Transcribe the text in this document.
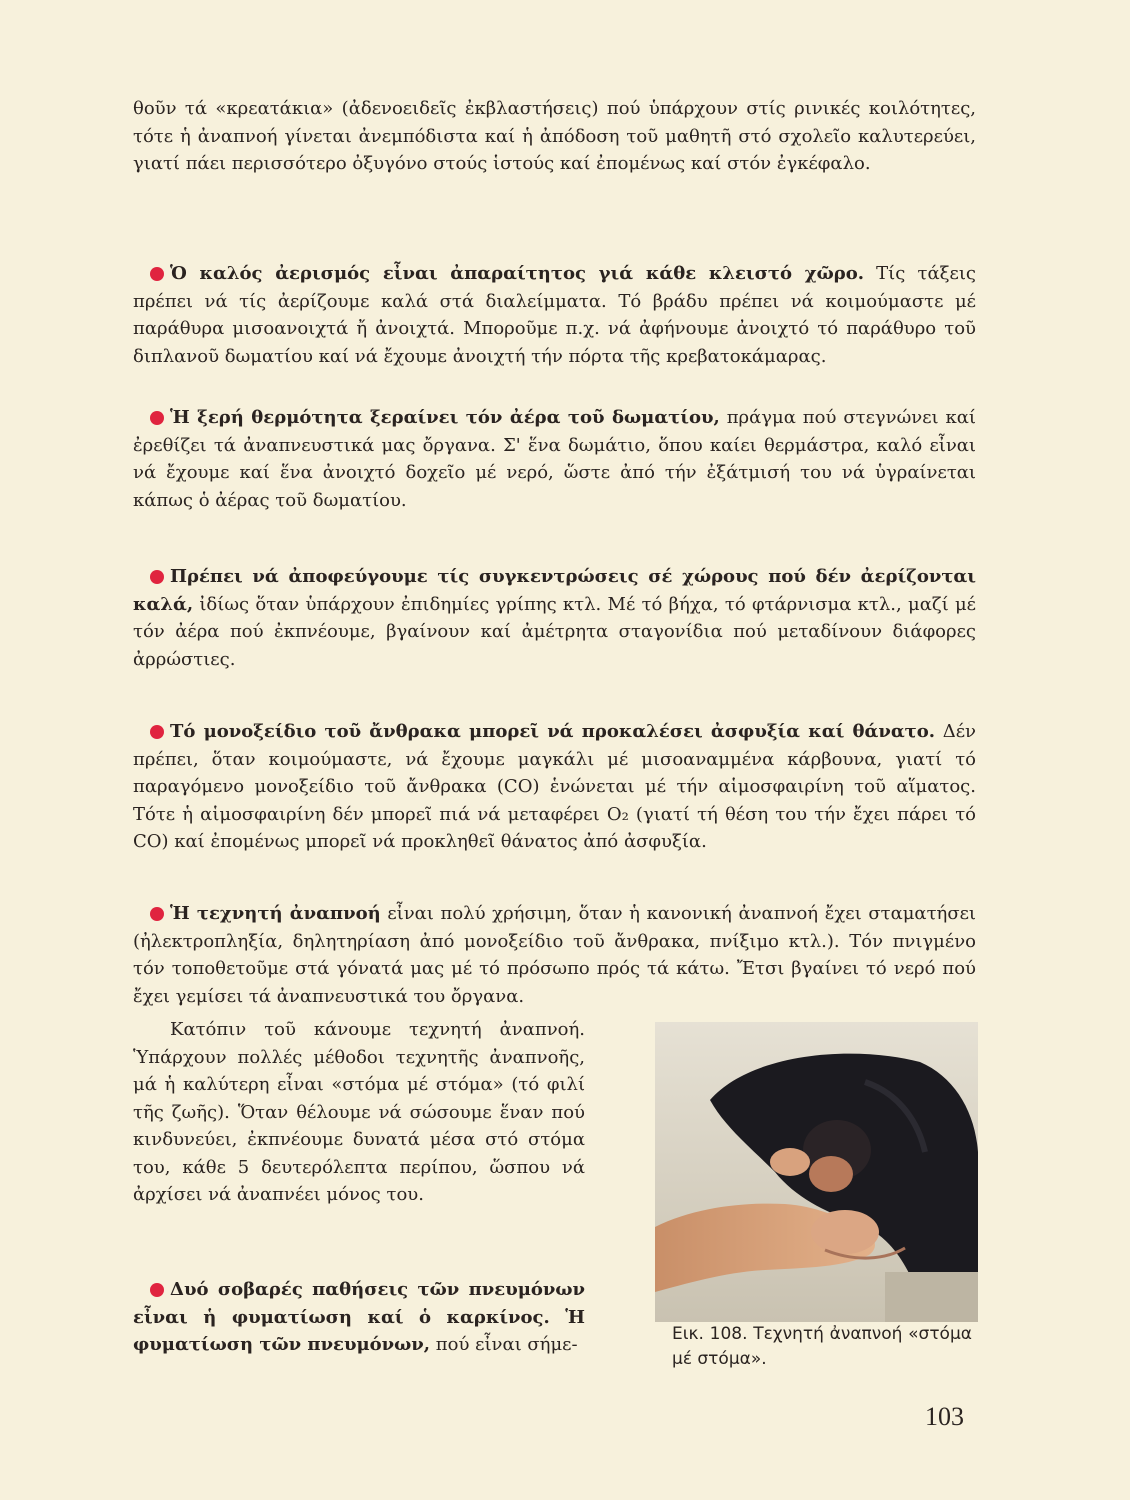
θοῦν τά «κρεατάκια» (ἀδενοειδεῖς ἐκβλαστήσεις) πού ὑπάρχουν στίς ρινικές κοιλότητες, τότε ἡ ἀναπνοή γίνεται ἀνεμπόδιστα καί ἡ ἀπόδοση τοῦ μαθητῆ στό σχολεῖο καλυτερεύει, γιατί πάει περισσότερο ὀξυγόνο στούς ἱστούς καί ἐπομένως καί στόν ἐγκέφαλο.

Ὁ καλός ἀερισμός εἶναι ἀπαραίτητος γιά κάθε κλειστό χῶρο. Τίς τάξεις πρέπει νά τίς ἀερίζουμε καλά στά διαλείμματα. Τό βράδυ πρέπει νά κοιμούμαστε μέ παράθυρα μισοανοιχτά ἤ ἀνοιχτά. Μποροῦμε π.χ. νά ἀφήνουμε ἀνοιχτό τό παράθυρο τοῦ διπλανοῦ δωματίου καί νά ἔχουμε ἀνοιχτή τήν πόρτα τῆς κρεβατοκάμαρας.

Ἡ ξερή θερμότητα ξεραίνει τόν ἀέρα τοῦ δωματίου, πράγμα πού στεγνώνει καί ἐρεθίζει τά ἀναπνευστικά μας ὄργανα. Σ' ἕνα δωμάτιο, ὅπου καίει θερμάστρα, καλό εἶναι νά ἔχουμε καί ἕνα ἀνοιχτό δοχεῖο μέ νερό, ὥστε ἀπό τήν ἐξάτμισή του νά ὑγραίνεται κάπως ὁ ἀέρας τοῦ δωματίου.

Πρέπει νά ἀποφεύγουμε τίς συγκεντρώσεις σέ χώρους πού δέν ἀερίζονται καλά, ἰδίως ὅταν ὑπάρχουν ἐπιδημίες γρίπης κτλ. Μέ τό βήχα, τό φτάρνισμα κτλ., μαζί μέ τόν ἀέρα πού ἐκπνέουμε, βγαίνουν καί ἀμέτρητα σταγονίδια πού μεταδίνουν διάφορες ἀρρώστιες.

Τό μονοξείδιο τοῦ ἄνθρακα μπορεῖ νά προκαλέσει ἀσφυξία καί θάνατο. Δέν πρέπει, ὅταν κοιμούμαστε, νά ἔχουμε μαγκάλι μέ μισοαναμμένα κάρβουνα, γιατί τό παραγόμενο μονοξείδιο τοῦ ἄνθρακα (CO) ἑνώνεται μέ τήν αἱμοσφαιρίνη τοῦ αἵματος. Τότε ἡ αἱμοσφαιρίνη δέν μπορεῖ πιά νά μεταφέρει O₂ (γιατί τή θέση του τήν ἔχει πάρει τό CO) καί ἐπομένως μπορεῖ νά προκληθεῖ θάνατος ἀπό ἀσφυξία.

Ἡ τεχνητή ἀναπνοή εἶναι πολύ χρήσιμη, ὅταν ἡ κανονική ἀναπνοή ἔχει σταματήσει (ἠλεκτροπληξία, δηλητηρίαση ἀπό μονοξείδιο τοῦ ἄνθρακα, πνίξιμο κτλ.). Τόν πνιγμένο τόν τοποθετοῦμε στά γόνατά μας μέ τό πρόσωπο πρός τά κάτω. Ἔτσι βγαίνει τό νερό πού ἔχει γεμίσει τά ἀναπνευστικά του ὄργανα.

Κατόπιν τοῦ κάνουμε τεχνητή ἀναπνοή. Ὑπάρχουν πολλές μέθοδοι τεχνητῆς ἀναπνοῆς, μά ἡ καλύτερη εἶναι «στόμα μέ στόμα» (τό φιλί τῆς ζωῆς). Ὅταν θέλουμε νά σώσουμε ἕναν πού κινδυνεύει, ἐκπνέουμε δυνατά μέσα στό στόμα του, κάθε 5 δευτερόλεπτα περίπου, ὥσπου νά ἀρχίσει νά ἀναπνέει μόνος του.

Δυό σοβαρές παθήσεις τῶν πνευμόνων εἶναι ἡ φυματίωση καί ὁ καρκίνος. Ἡ φυματίωση τῶν πνευμόνων, πού εἶναι σήμε-	Εικ. 108. Τεχνητή ἀναπνοή «στόμα μέ στόμα».
103
